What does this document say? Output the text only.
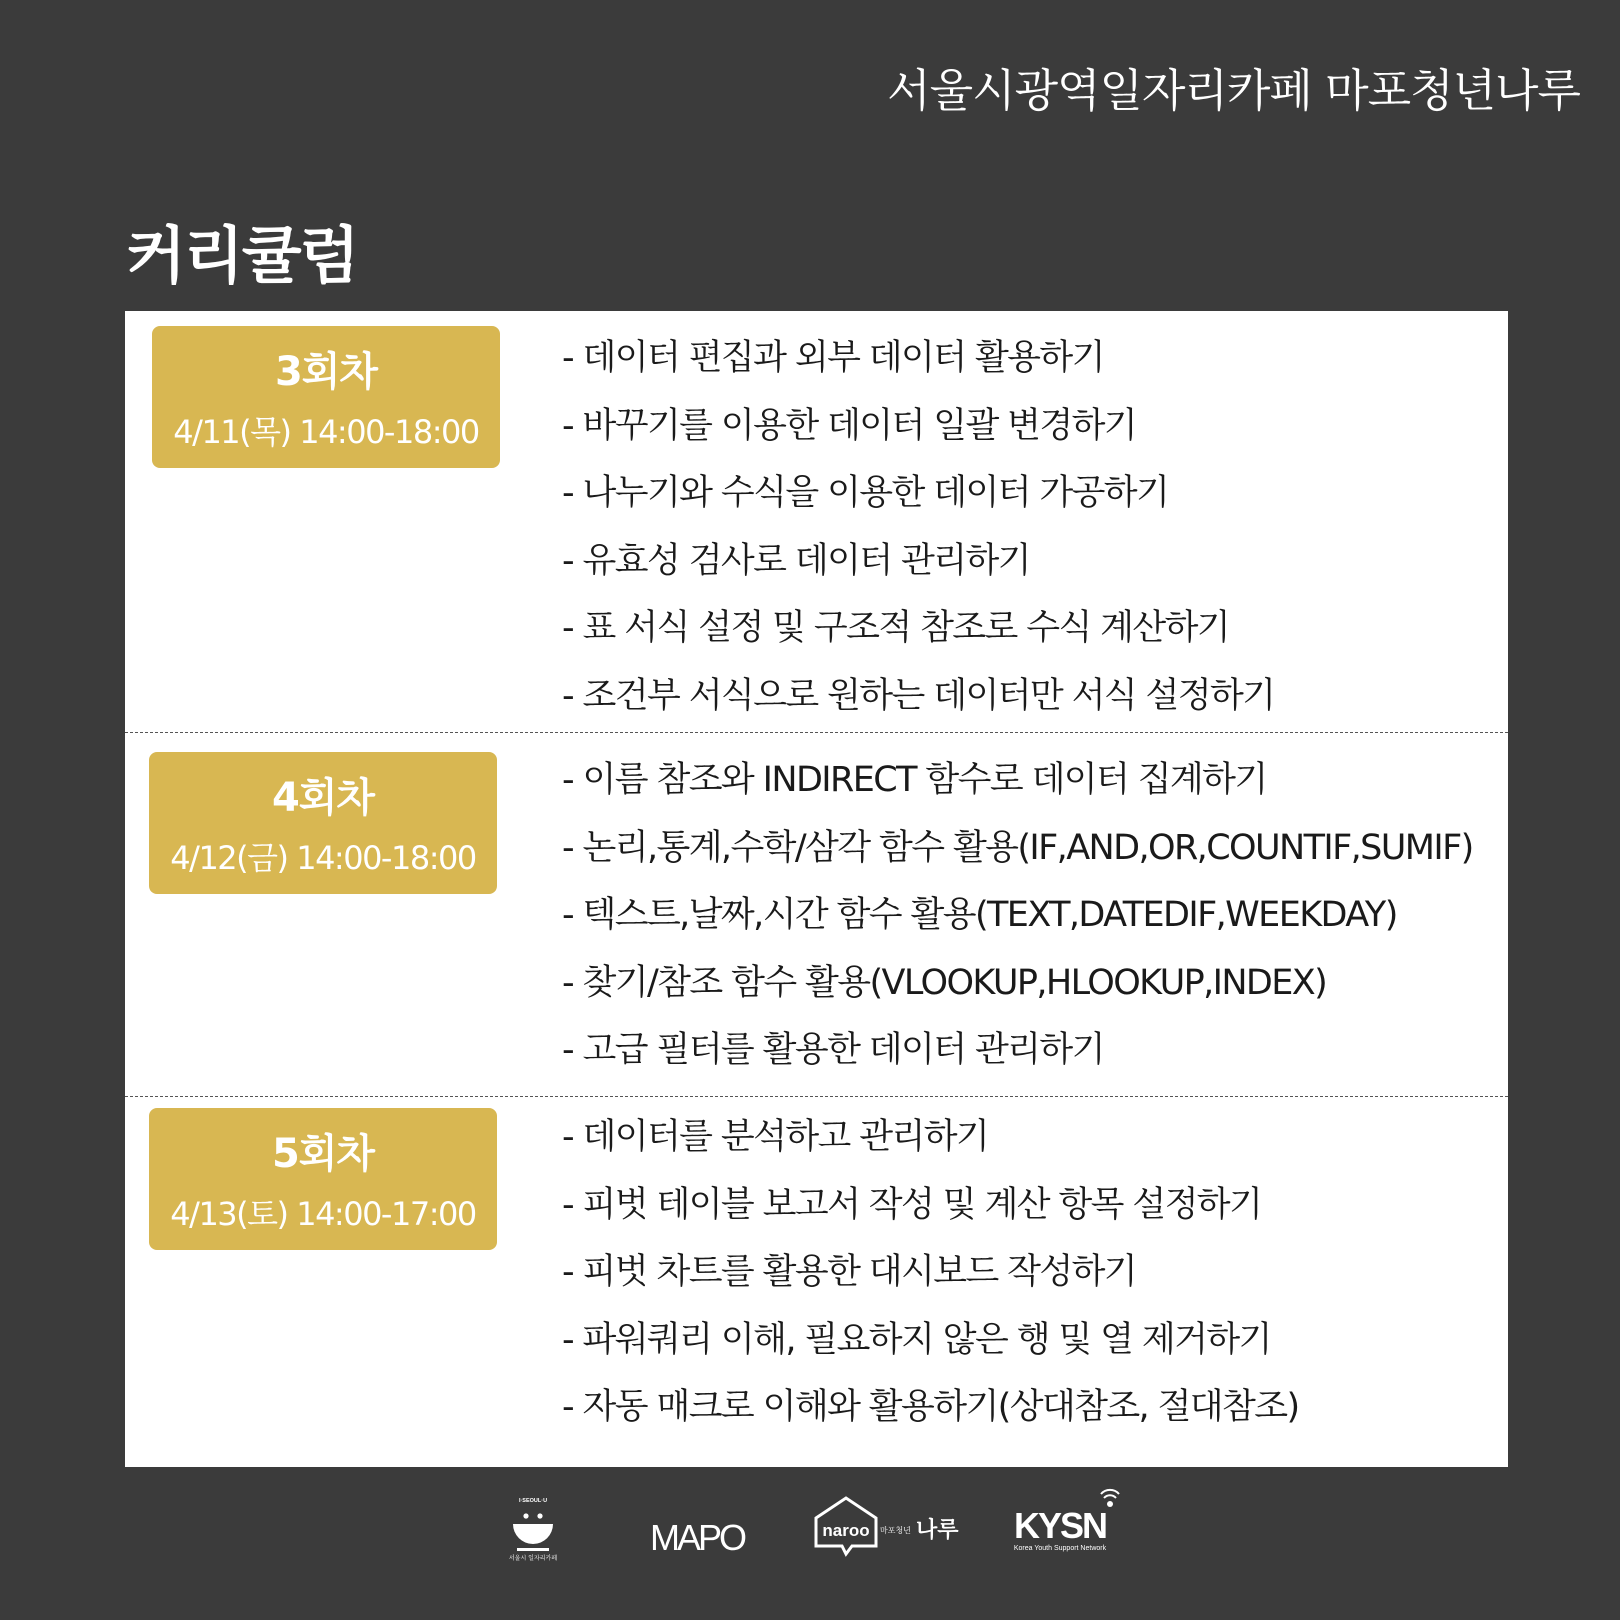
서울시광역일자리카페 마포청년나루
커리큘럼
3회차
4/11(목) 14:00-18:00
- 데이터 편집과 외부 데이터 활용하기
- 바꾸기를 이용한 데이터 일괄 변경하기
- 나누기와 수식을 이용한 데이터 가공하기
- 유효성 검사로 데이터 관리하기
- 표 서식 설정 및 구조적 참조로 수식 계산하기
- 조건부 서식으로 원하는 데이터만 서식 설정하기
4회차
4/12(금) 14:00-18:00
- 이름 참조와 INDIRECT 함수로 데이터 집계하기
- 논리,통계,수학/삼각 함수 활용(IF,AND,OR,COUNTIF,SUMIF)
- 텍스트,날짜,시간 함수 활용(TEXT,DATEDIF,WEEKDAY)
- 찾기/참조 함수 활용(VLOOKUP,HLOOKUP,INDEX)
- 고급 필터를 활용한 데이터 관리하기
5회차
4/13(토) 14:00-17:00
- 데이터를 분석하고 관리하기
- 피벗 테이블 보고서 작성 및 계산 항목 설정하기
- 피벗 차트를 활용한 대시보드 작성하기
- 파워쿼리 이해, 필요하지 않은 행 및 열 제거하기
- 자동 매크로 이해와 활용하기(상대참조, 절대참조)
I·SEOUL·U
서울시 일자리카페
MAPO	naroo 마포청년 나루 KYSN
Korea Youth Support Network
